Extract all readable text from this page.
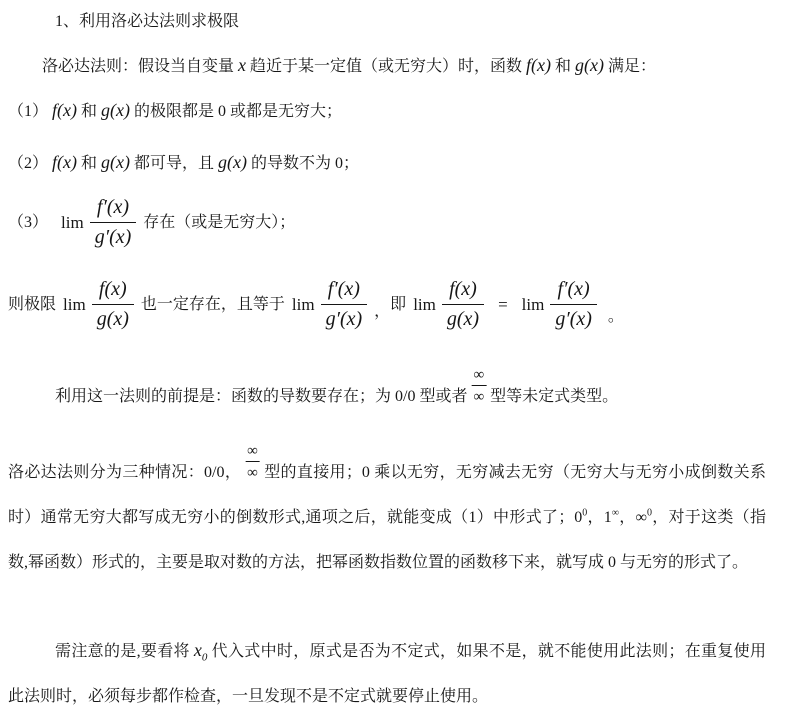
1、利用洛必达法则求极限

洛必达法则：假设当自变量 x 趋近于某一定值（或无穷大）时，函数 f(x) 和 g(x) 满足：

（1） f(x) 和 g(x) 的极限都是 0 或都是无穷大；

（2） f(x) 和 g(x) 都可导，且 g(x) 的导数不为 0；

（3） $\lim \frac{f'(x)}{g'(x)}$ 存在（或是无穷大）；
则极限 $\lim \frac{f(x)}{g(x)}$ 也一定存在，且等于 $\lim \frac{f'(x)}{g'(x)}$ ， 即 $\lim \frac{f(x)}{g(x)} = \lim \frac{f'(x)}{g'(x)}$ 。

利用这一法则的前提是：函数的导数要存在；为 0/0 型或者 $\frac{\infty}{\infty}$ 型等未定式类型。

洛必达法则分为三种情况：0/0， $\frac{\infty}{\infty}$ 型的直接用；0 乘以无穷，无穷减去无穷（无穷大与无穷小成倒数关系时）通常无穷大都写成无穷小的倒数形式,通项之后，就能变成（1）中形式了；$0^0$，1∞，∞$^0$，对于这类（指数,幂函数）形式的，主要是取对数的方法，把幂函数指数位置的函数移下来，就写成 0 与无穷的形式了。

需注意的是,要看将 $x_0$ 代入式中时，原式是否为不定式，如果不是，就不能使用此法则；在重复使用此法则时，必须每步都作检查，一旦发现不是不定式就要停止使用。
